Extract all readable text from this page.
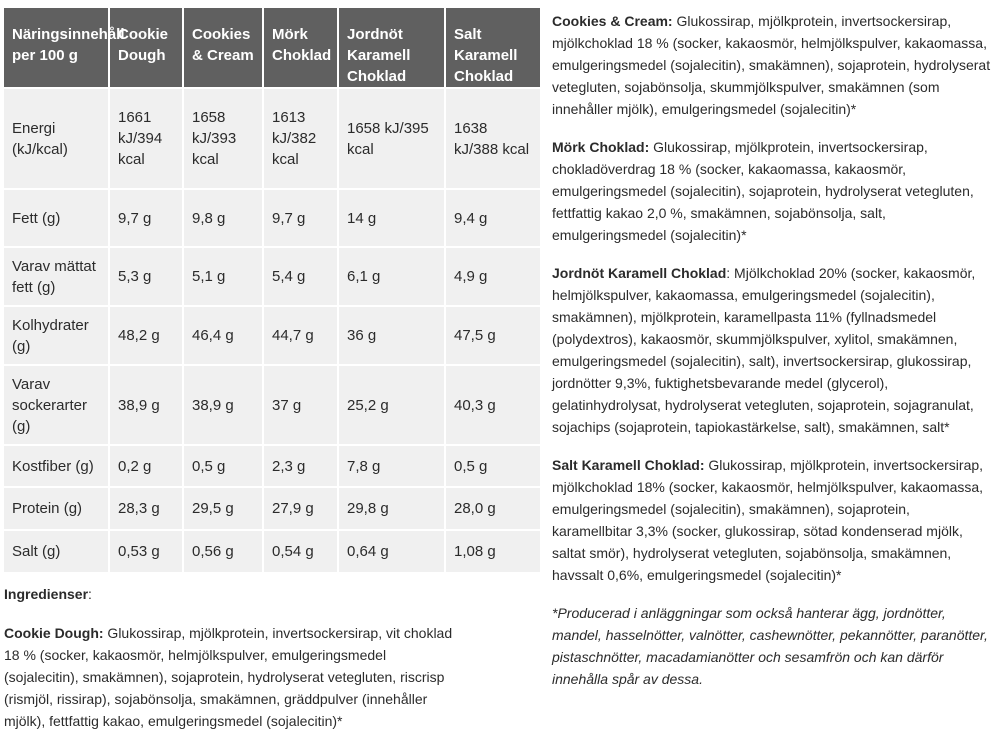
Näringsinnehåll per 100 g	Cookie Dough	Cookies & Cream	Mörk Choklad	Jordnöt Karamell Choklad	Salt Karamell Choklad
Energi (kJ/kcal)	1661 kJ/394 kcal	1658 kJ/393 kcal	1613 kJ/382 kcal	1658 kJ/395 kcal	1638 kJ/388 kcal
Fett (g)	9,7 g	9,8 g	9,7 g	14 g	9,4 g
Varav mättat fett (g)	5,3 g	5,1 g	5,4 g	6,1 g	4,9 g
Kolhydrater (g)	48,2 g	46,4 g	44,7 g	36 g	47,5 g
Varav sockerarter (g)	38,9 g	38,9 g	37 g	25,2 g	40,3 g
Kostfiber (g)	0,2 g	0,5 g	2,3 g	7,8 g	0,5 g
Protein (g)	28,3 g	29,5 g	27,9 g	29,8 g	28,0 g
Salt (g)	0,53 g	0,56 g	0,54 g	0,64 g	1,08 g
Ingredienser:

Cookie Dough: Glukossirap, mjölkprotein, invertsockersirap, vit choklad 18 % (socker, kakaosmör, helmjölkspulver, emulgeringsmedel (sojalecitin), smakämnen), sojaprotein, hydrolyserat vetegluten, riscrisp (rismjöl, rissirap), sojabönsolja, smakämnen, gräddpulver (innehåller mjölk), fettfattig kakao, emulgeringsmedel (sojalecitin)*

Cookies & Cream: Glukossirap, mjölkprotein, invertsockersirap, mjölkchoklad 18 % (socker, kakaosmör, helmjölkspulver, kakaomassa, emulgeringsmedel (sojalecitin), smakämnen), sojaprotein, hydrolyserat vetegluten, sojabönsolja, skummjölkspulver, smakämnen (som innehåller mjölk), emulgeringsmedel (sojalecitin)*

Mörk Choklad: Glukossirap, mjölkprotein, invertsockersirap, chokladöverdrag 18 % (socker, kakaomassa, kakaosmör, emulgeringsmedel (sojalecitin), sojaprotein, hydrolyserat vetegluten, fettfattig kakao 2,0 %, smakämnen, sojabönsolja, salt, emulgeringsmedel (sojalecitin)*

Jordnöt Karamell Choklad: Mjölkchoklad 20% (socker, kakaosmör, helmjölkspulver, kakaomassa, emulgeringsmedel (sojalecitin), smakämnen), mjölkprotein, karamellpasta 11% (fyllnadsmedel (polydextros), kakaosmör, skummjölkspulver, xylitol, smakämnen, emulgeringsmedel (sojalecitin), salt), invertsockersirap, glukossirap, jordnötter 9,3%, fuktighetsbevarande medel (glycerol), gelatinhydrolysat, hydrolyserat vetegluten, sojaprotein, sojagranulat, sojachips (sojaprotein, tapiokastärkelse, salt), smakämnen, salt*

Salt Karamell Choklad: Glukossirap, mjölkprotein, invertsockersirap, mjölkchoklad 18% (socker, kakaosmör, helmjölkspulver, kakaomassa, emulgeringsmedel (sojalecitin), smakämnen), sojaprotein, karamellbitar 3,3% (socker, glukossirap, sötad kondenserad mjölk, saltat smör), hydrolyserat vetegluten, sojabönsolja, smakämnen, havssalt 0,6%, emulgeringsmedel (sojalecitin)*

*Producerad i anläggningar som också hanterar ägg, jordnötter, mandel, hasselnötter, valnötter, cashewnötter, pekannötter, paranötter, pistaschnötter, macadamianötter och sesamfrön och kan därför innehålla spår av dessa.
